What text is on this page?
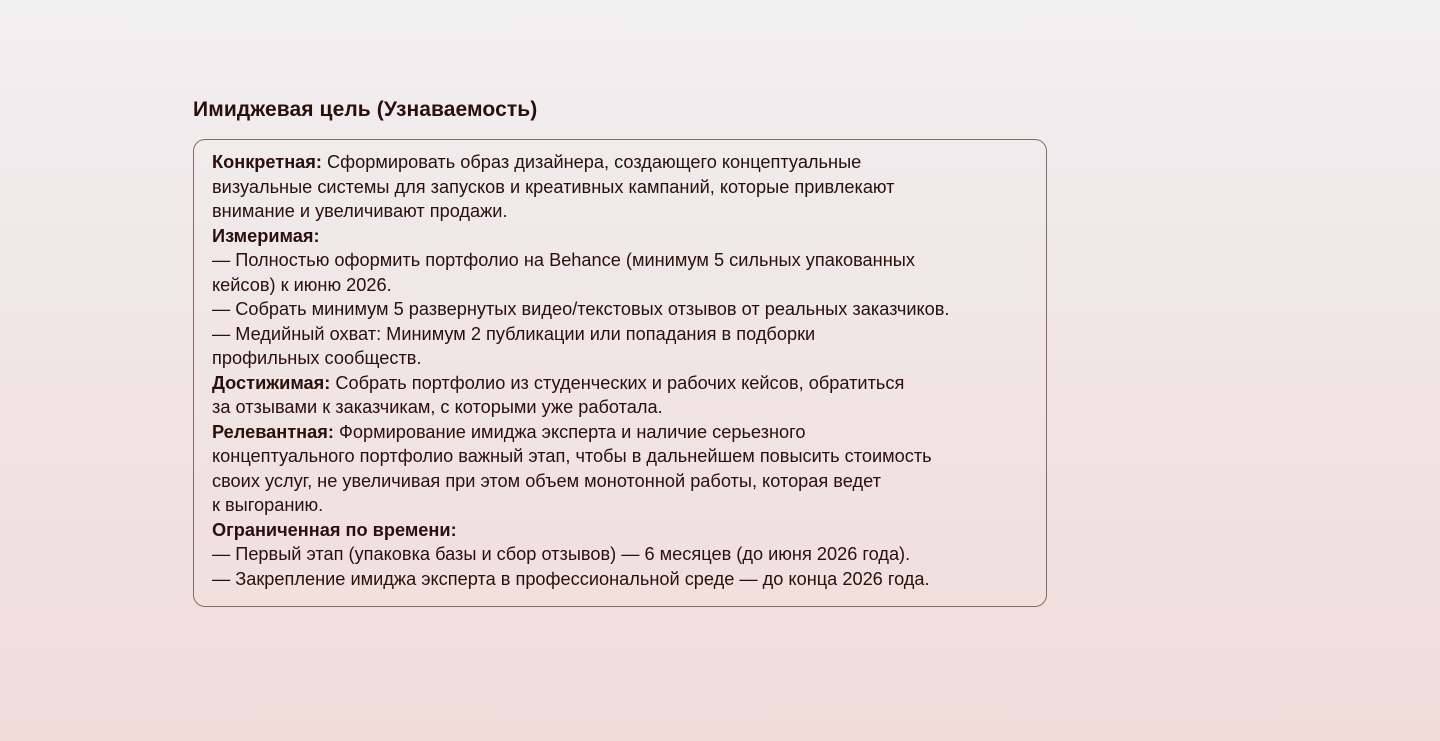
Имиджевая цель (Узнаваемость)
Конкретная: Сформировать образ дизайнера, создающего концептуальные
визуальные системы для запусков и креативных кампаний, которые привлекают
внимание и увеличивают продажи.
Измеримая:
— Полностью оформить портфолио на Behance (минимум 5 сильных упакованных
кейсов) к июню 2026.
— Собрать минимум 5 развернутых видео/текстовых отзывов от реальных заказчиков.
— Медийный охват: Минимум 2 публикации или попадания в подборки
профильных сообществ.
Достижимая: Собрать портфолио из студенческих и рабочих кейсов, обратиться
за отзывами к заказчикам, с которыми уже работала.
Релевантная: Формирование имиджа эксперта и наличие серьезного
концептуального портфолио важный этап, чтобы в дальнейшем повысить стоимость
своих услуг, не увеличивая при этом объем монотонной работы, которая ведет
к выгоранию.
Ограниченная по времени:
— Первый этап (упаковка базы и сбор отзывов) — 6 месяцев (до июня 2026 года).
— Закрепление имиджа эксперта в профессиональной среде — до конца 2026 года.
